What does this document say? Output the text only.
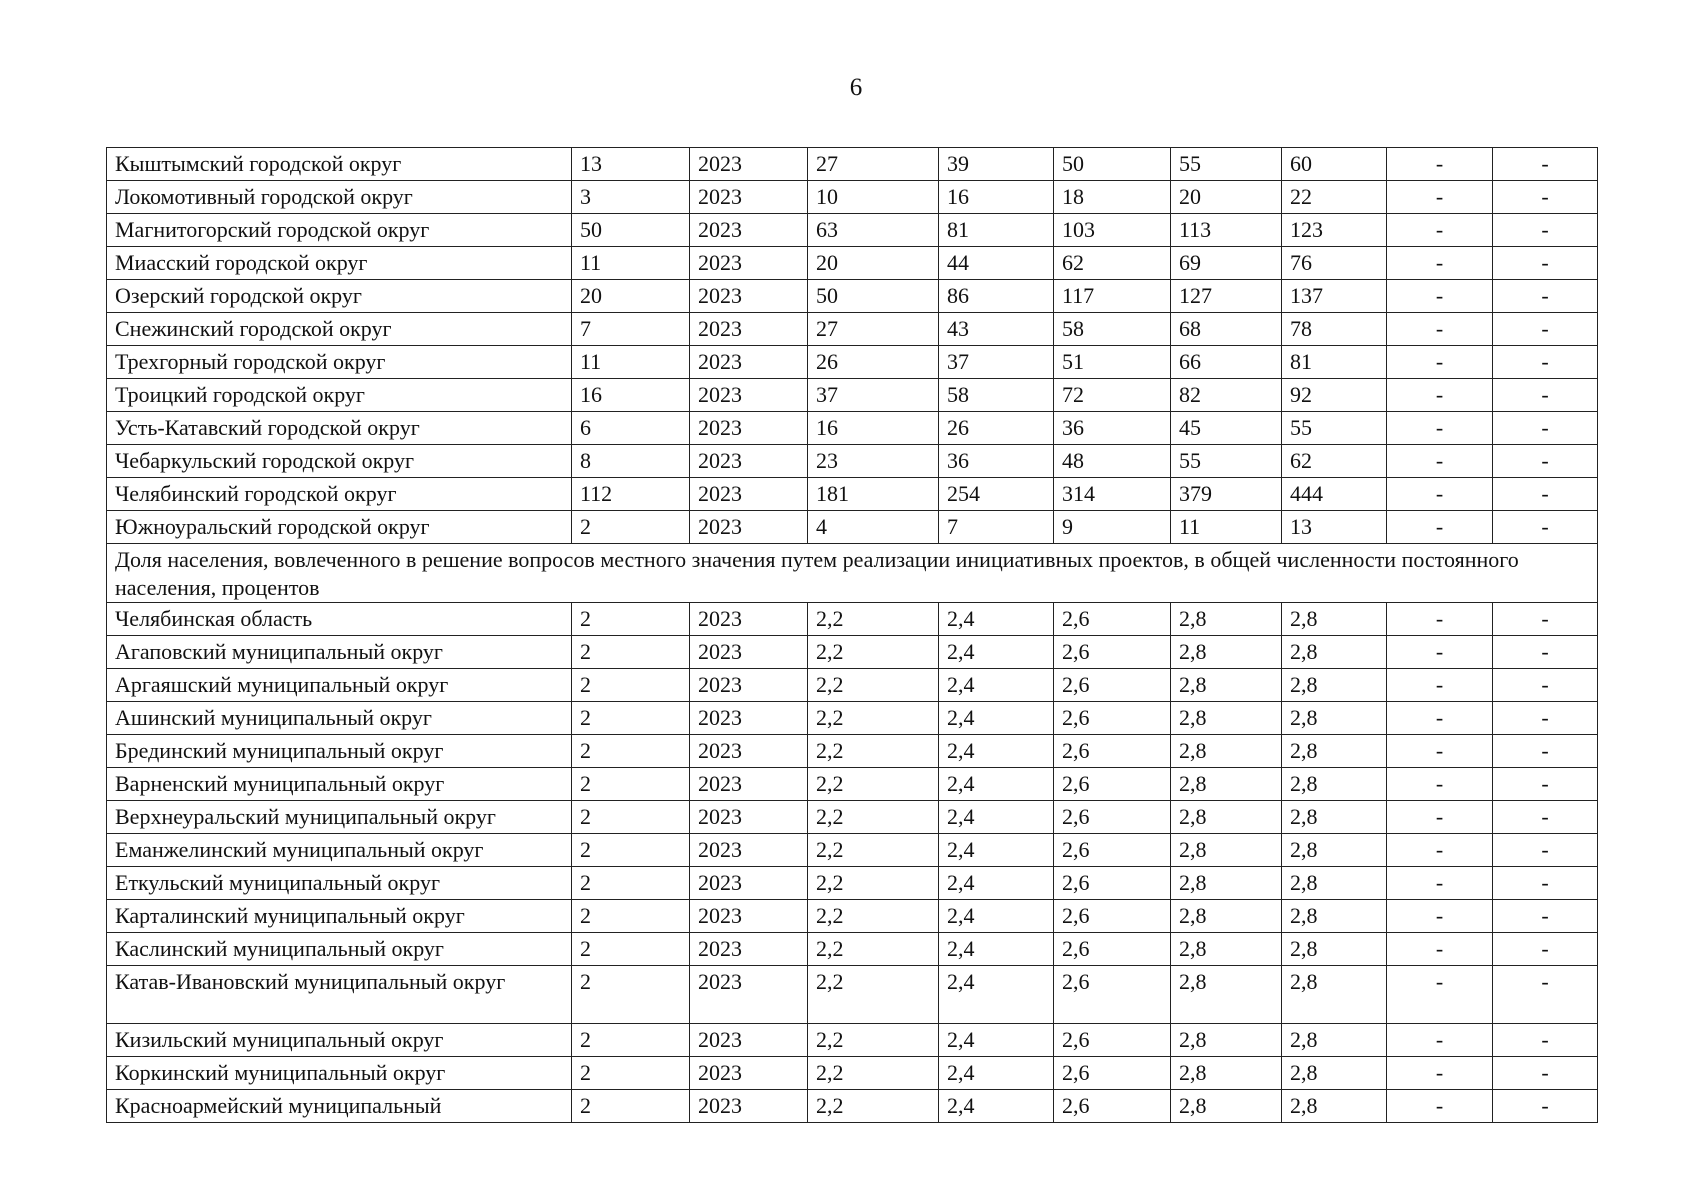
6
Кыштымский городской округ	13	2023	27	39	50	55	60	-	-
Локомотивный городской округ	3	2023	10	16	18	20	22	-	-
Магнитогорский городской округ	50	2023	63	81	103	113	123	-	-
Миасский городской округ	11	2023	20	44	62	69	76	-	-
Озерский городской округ	20	2023	50	86	117	127	137	-	-
Снежинский городской округ	7	2023	27	43	58	68	78	-	-
Трехгорный городской округ	11	2023	26	37	51	66	81	-	-
Троицкий городской округ	16	2023	37	58	72	82	92	-	-
Усть-Катавский городской округ	6	2023	16	26	36	45	55	-	-
Чебаркульский городской округ	8	2023	23	36	48	55	62	-	-
Челябинский городской округ	112	2023	181	254	314	379	444	-	-
Южноуральский городской округ	2	2023	4	7	9	11	13	-	-
Доля населения, вовлеченного в решение вопросов местного значения путем реализации инициативных проектов, в общей численности постоянного населения, процентов									
Челябинская область	2	2023	2,2	2,4	2,6	2,8	2,8	-	-
Агаповский муниципальный округ	2	2023	2,2	2,4	2,6	2,8	2,8	-	-
Аргаяшский муниципальный округ	2	2023	2,2	2,4	2,6	2,8	2,8	-	-
Ашинский муниципальный округ	2	2023	2,2	2,4	2,6	2,8	2,8	-	-
Брединский муниципальный округ	2	2023	2,2	2,4	2,6	2,8	2,8	-	-
Варненский муниципальный округ	2	2023	2,2	2,4	2,6	2,8	2,8	-	-
Верхнеуральский муниципальный округ	2	2023	2,2	2,4	2,6	2,8	2,8	-	-
Еманжелинский муниципальный округ	2	2023	2,2	2,4	2,6	2,8	2,8	-	-
Еткульский муниципальный округ	2	2023	2,2	2,4	2,6	2,8	2,8	-	-
Карталинский муниципальный округ	2	2023	2,2	2,4	2,6	2,8	2,8	-	-
Каслинский муниципальный округ	2	2023	2,2	2,4	2,6	2,8	2,8	-	-
Катав-Ивановский муниципальный округ	2	2023	2,2	2,4	2,6	2,8	2,8	-	-
Кизильский муниципальный округ	2	2023	2,2	2,4	2,6	2,8	2,8	-	-
Коркинский муниципальный округ	2	2023	2,2	2,4	2,6	2,8	2,8	-	-
Красноармейский муниципальный	2	2023	2,2	2,4	2,6	2,8	2,8	-	-
